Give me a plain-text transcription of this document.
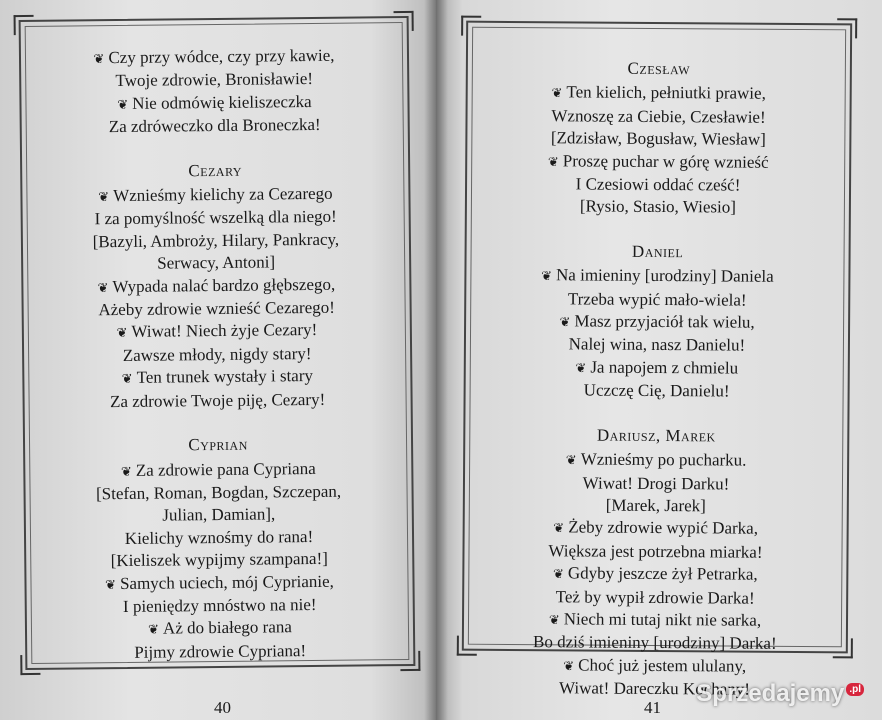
❦ Czy przy wódce, czy przy kawie,
Twoje zdrowie, Bronisławie!
❦ Nie odmówię kieliszeczka
Za zdróweczko dla Broneczka!
Cezary
❦ Wznieśmy kielichy za Cezarego
I za pomyślność wszelką dla niego!
[Bazyli, Ambroży, Hilary, Pankracy,
Serwacy, Antoni]
❦ Wypada nalać bardzo głębszego,
Ażeby zdrowie wznieść Cezarego!
❦ Wiwat! Niech żyje Cezary!
Zawsze młody, nigdy stary!
❦ Ten trunek wystały i stary
Za zdrowie Twoje piję, Cezary!
Cyprian
❦ Za zdrowie pana Cypriana
[Stefan, Roman, Bogdan, Szczepan,
Julian, Damian],
Kielichy wznośmy do rana!
[Kieliszek wypijmy szampana!]
❦ Samych uciech, mój Cyprianie,
I pieniędzy mnóstwo na nie!
❦ Aż do białego rana
Pijmy zdrowie Cypriana!
40
Czesław
❦ Ten kielich, pełniutki prawie,
Wznoszę za Ciebie, Czesławie!
[Zdzisław, Bogusław, Wiesław]
❦ Proszę puchar w górę wznieść
I Czesiowi oddać cześć!
[Rysio, Stasio, Wiesio]
Daniel
❦ Na imieniny [urodziny] Daniela
Trzeba wypić mało-wiela!
❦ Masz przyjaciół tak wielu,
Nalej wina, nasz Danielu!
❦ Ja napojem z chmielu
Uczczę Cię, Danielu!
Dariusz, Marek
❦ Wznieśmy po pucharku.
Wiwat! Drogi Darku!
[Marek, Jarek]
❦ Żeby zdrowie wypić Darka,
Większa jest potrzebna miarka!
❦ Gdyby jeszcze żył Petrarka,
Też by wypił zdrowie Darka!
❦ Niech mi tutaj nikt nie sarka,
Bo dziś imieniny [urodziny] Darka!
❦ Choć już jestem ululany,
Wiwat! Dareczku Kochany!
41
Sprzedajemy .pl
